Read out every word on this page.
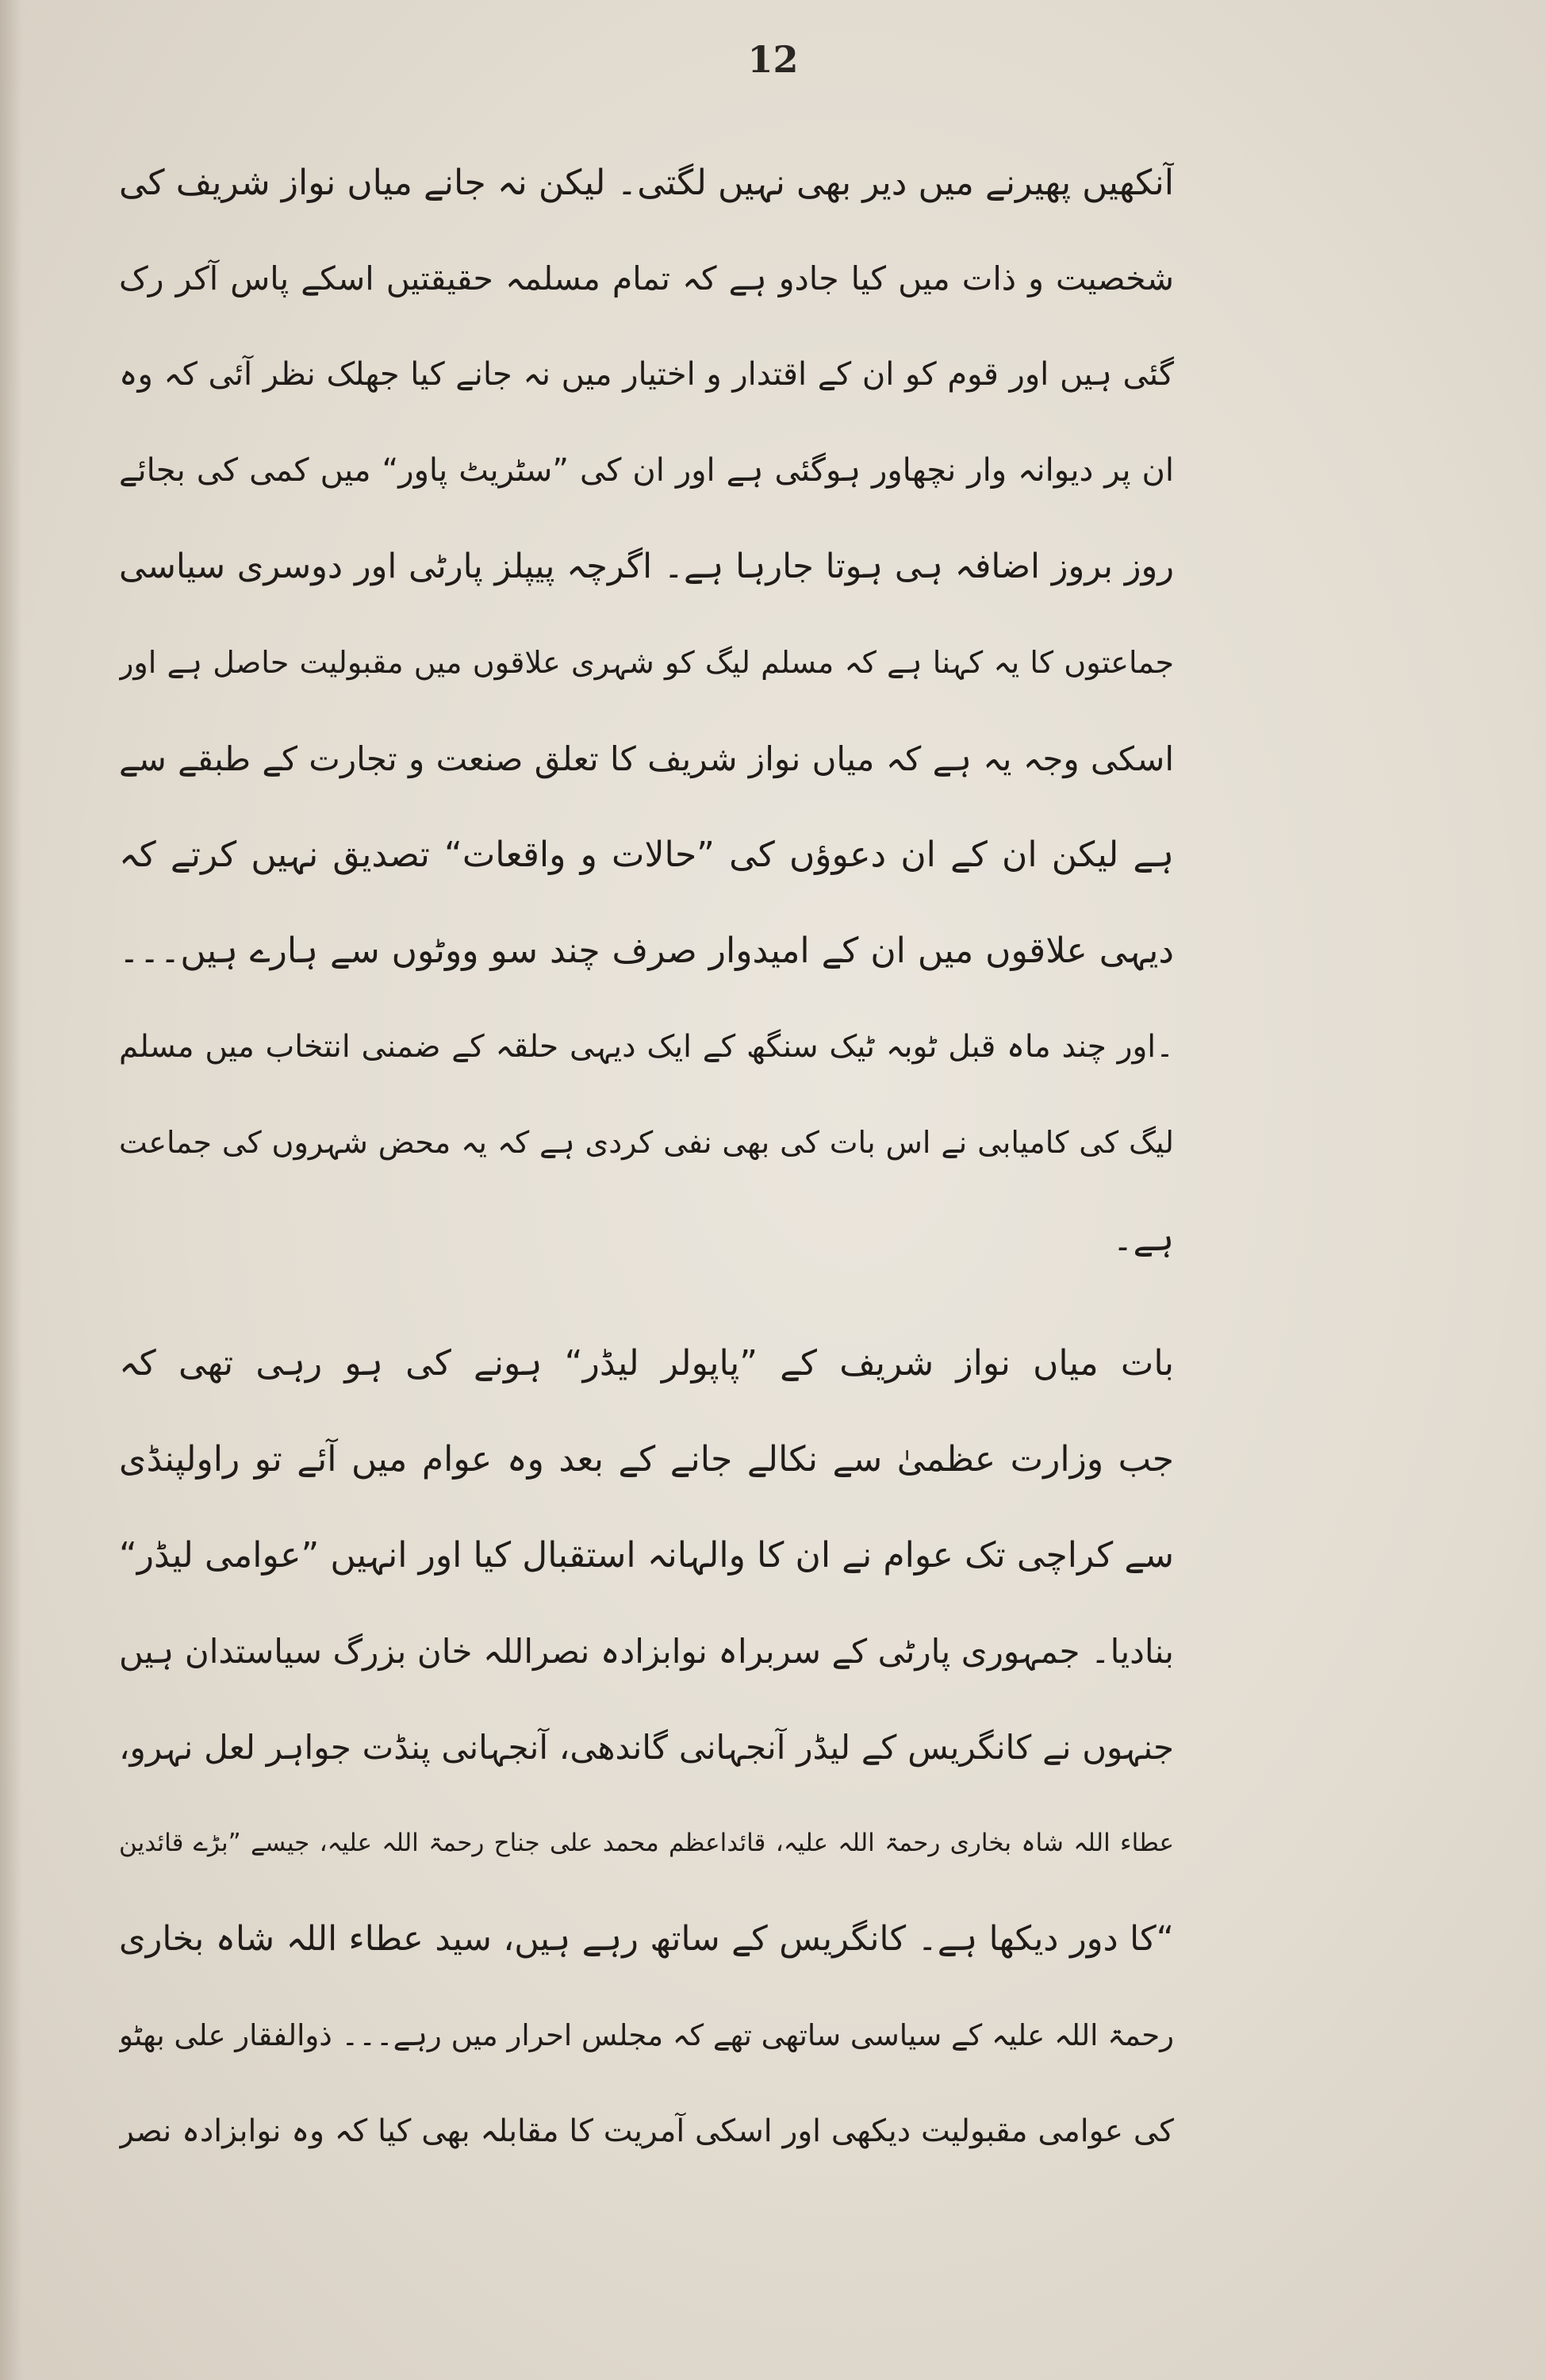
12
آنکھیں پھیرنے میں دیر بھی نہیں لگتی۔ لیکن نہ جانے میاں نواز شریف کی
شخصیت و ذات میں کیا جادو ہے کہ تمام مسلمہ حقیقتیں اسکے پاس آکر رک
گئی ہیں اور قوم کو ان کے اقتدار و اختیار میں نہ جانے کیا جھلک نظر آئی کہ وہ
ان پر دیوانہ وار نچھاور ہوگئی ہے اور ان کی ”سٹریٹ پاور“ میں کمی کی بجائے
روز بروز اضافہ ہی ہوتا جارہا ہے۔ اگرچہ پیپلز پارٹی اور دوسری سیاسی
جماعتوں کا یہ کہنا ہے کہ مسلم لیگ کو شہری علاقوں میں مقبولیت حاصل ہے اور
اسکی وجہ یہ ہے کہ میاں نواز شریف کا تعلق صنعت و تجارت کے طبقے سے
ہے لیکن ان کے ان دعوؤں کی ”حالات و واقعات“ تصدیق نہیں کرتے کہ
دیہی علاقوں میں ان کے امیدوار صرف چند سو ووٹوں سے ہارے ہیں۔۔۔
۔اور چند ماہ قبل ٹوبہ ٹیک سنگھ کے ایک دیہی حلقہ کے ضمنی انتخاب میں مسلم
لیگ کی کامیابی نے اس بات کی بھی نفی کردی ہے کہ یہ محض شہروں کی جماعت
ہے۔
بات میاں نواز شریف کے ”پاپولر لیڈر“ ہونے کی ہو رہی تھی کہ
جب وزارت عظمیٰ سے نکالے جانے کے بعد وہ عوام میں آئے تو راولپنڈی
سے کراچی تک عوام نے ان کا والہانہ استقبال کیا اور انہیں ”عوامی لیڈر“
بنادیا۔ جمہوری پارٹی کے سربراہ نوابزادہ نصراللہ خان بزرگ سیاستدان ہیں
جنہوں نے کانگریس کے لیڈر آنجہانی گاندھی، آنجہانی پنڈت جواہر لعل نہرو،
عطاء اللہ شاہ بخاری رحمۃ اللہ علیہ، قائداعظم محمد علی جناح رحمۃ اللہ علیہ، جیسے ”بڑے قائدین
“کا دور دیکھا ہے۔ کانگریس کے ساتھ رہے ہیں، سید عطاء اللہ شاہ بخاری
رحمۃ اللہ علیہ کے سیاسی ساتھی تھے کہ مجلس احرار میں رہے۔۔۔ ذوالفقار علی بھٹو
کی عوامی مقبولیت دیکھی اور اسکی آمریت کا مقابلہ بھی کیا کہ وہ نوابزادہ نصر
